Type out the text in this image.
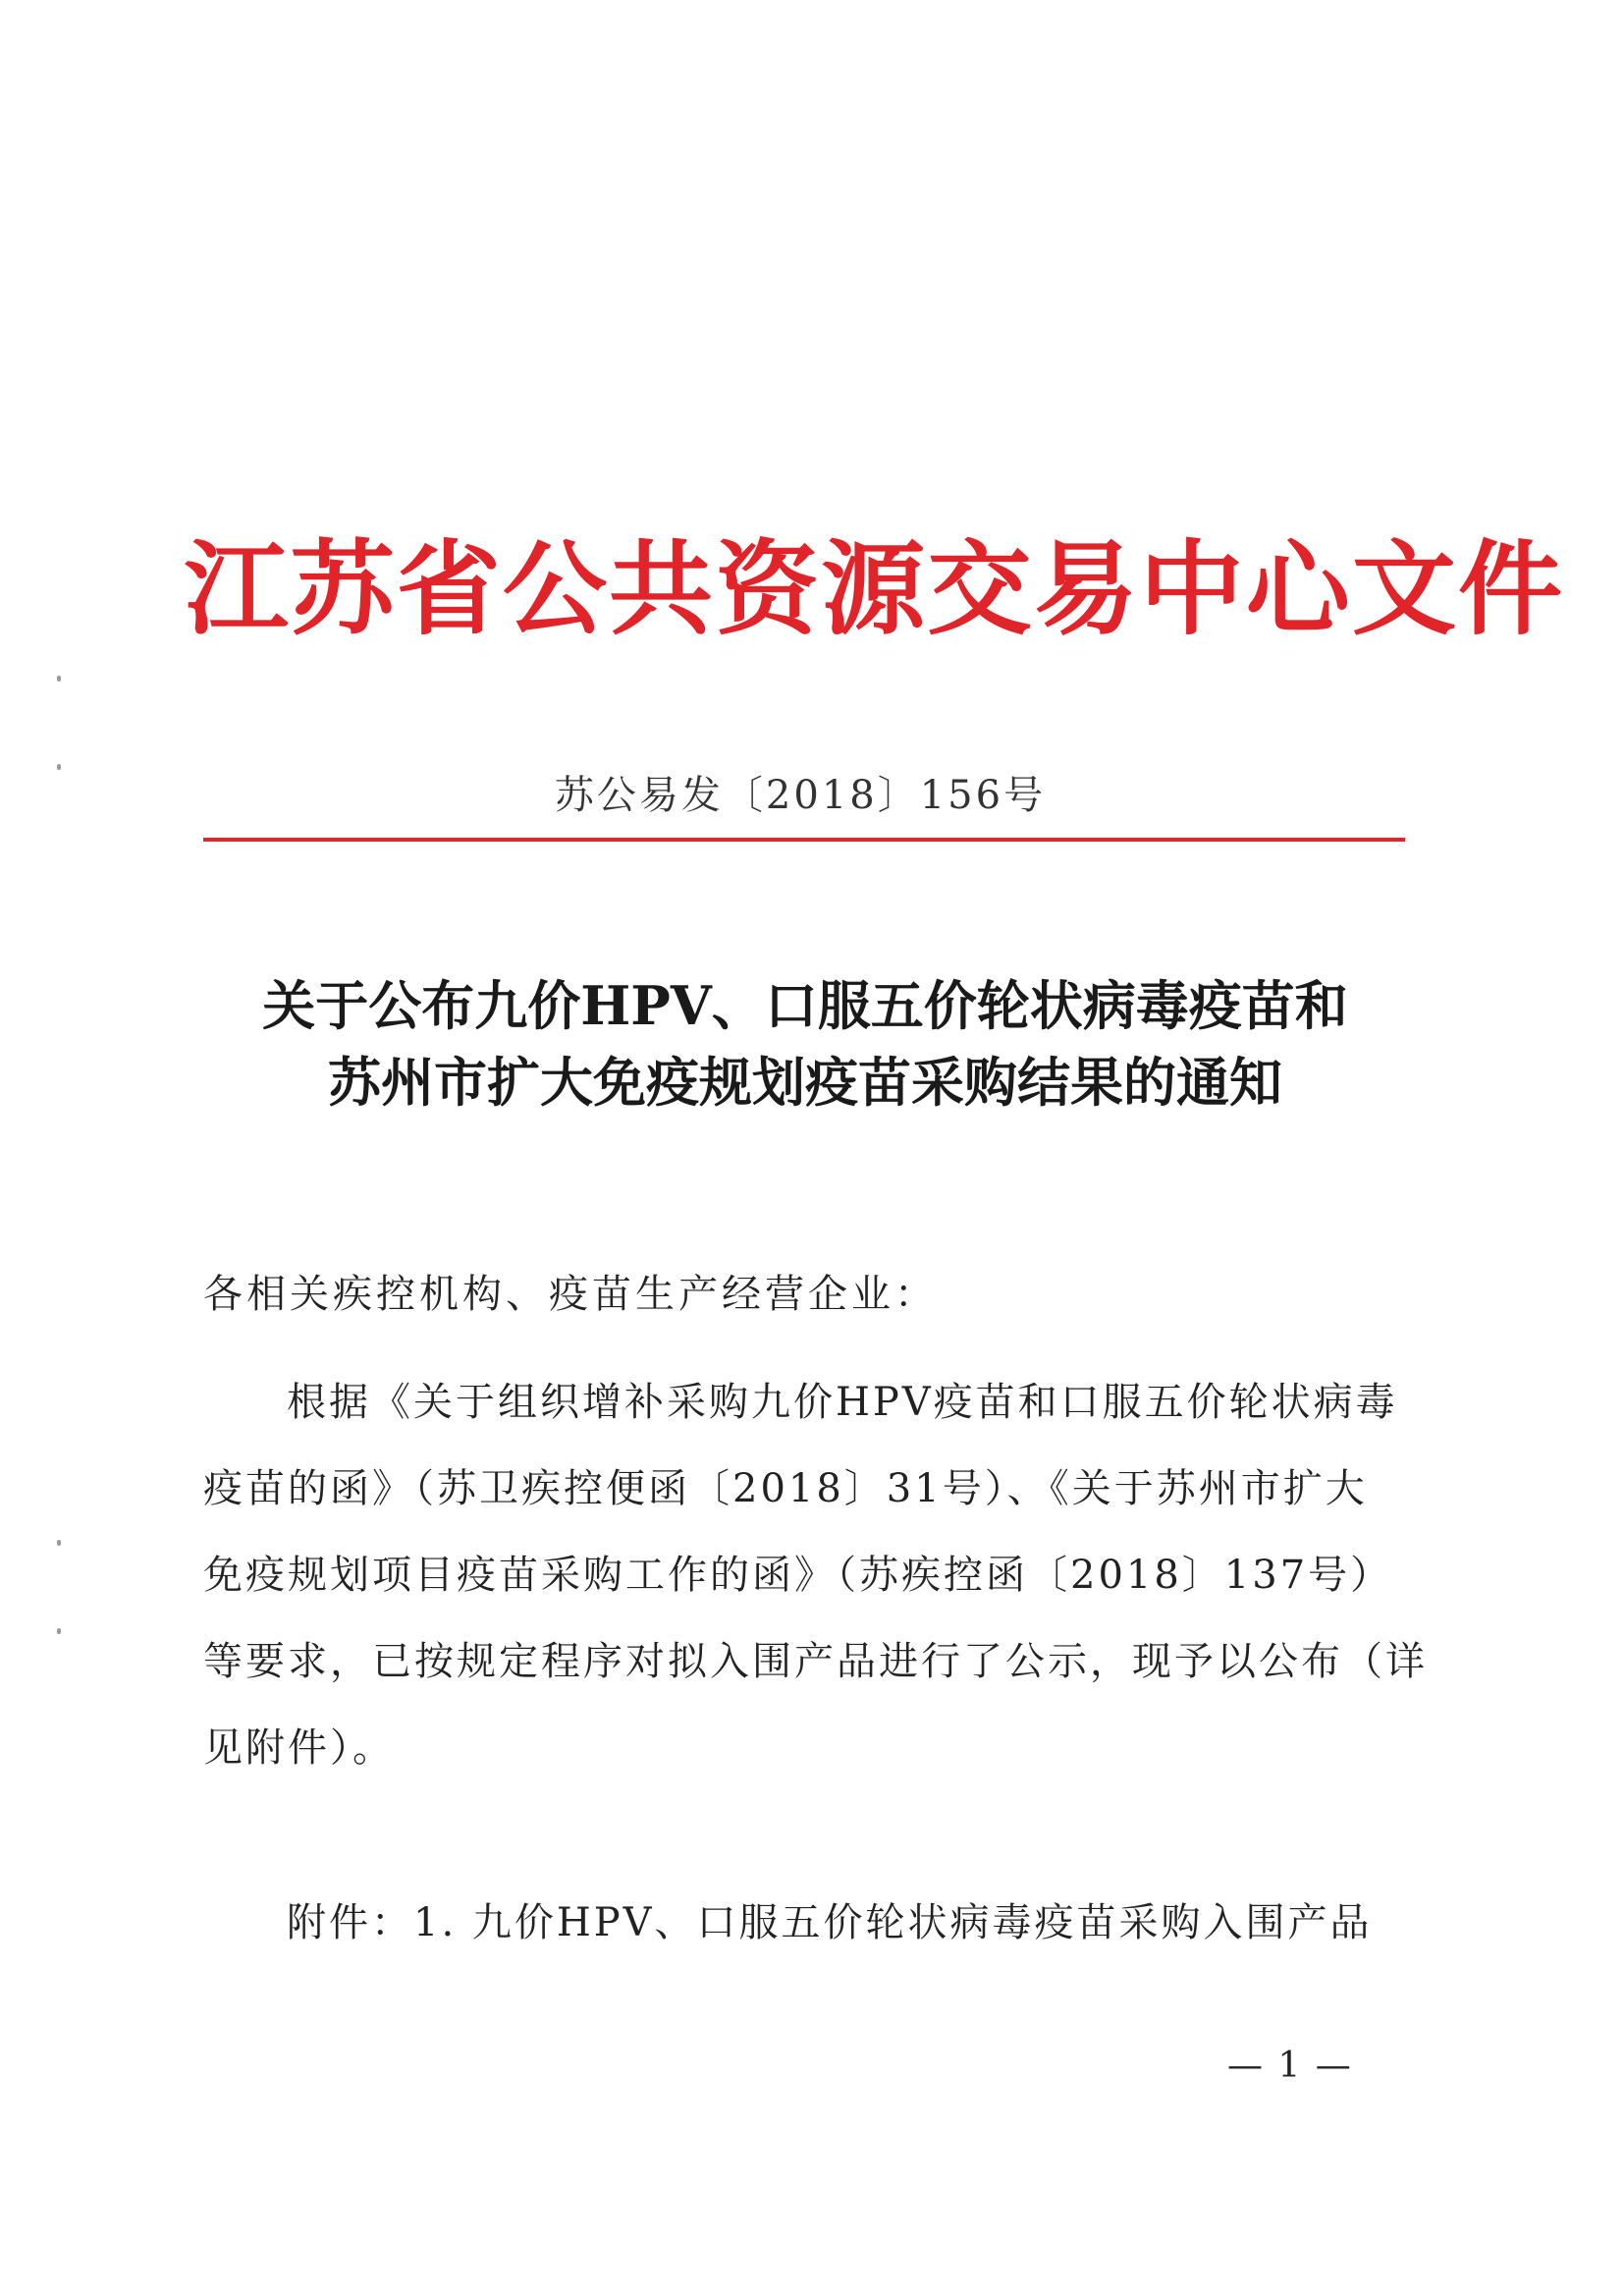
江苏省公共资源交易中心文件
苏公易发〔2018〕156号
关于公布九价HPV、口服五价轮状病毒疫苗和
苏州市扩大免疫规划疫苗采购结果的通知
各相关疾控机构、疫苗生产经营企业：
根据《关于组织增补采购九价HPV疫苗和口服五价轮状病毒
疫苗的函》（苏卫疾控便函〔2018〕31号）、《关于苏州市扩大
免疫规划项目疫苗采购工作的函》（苏疾控函〔2018〕137号）
等要求，已按规定程序对拟入围产品进行了公示，现予以公布（详
见附件）。
附件：1. 九价HPV、口服五价轮状病毒疫苗采购入围产品
— 1 —
